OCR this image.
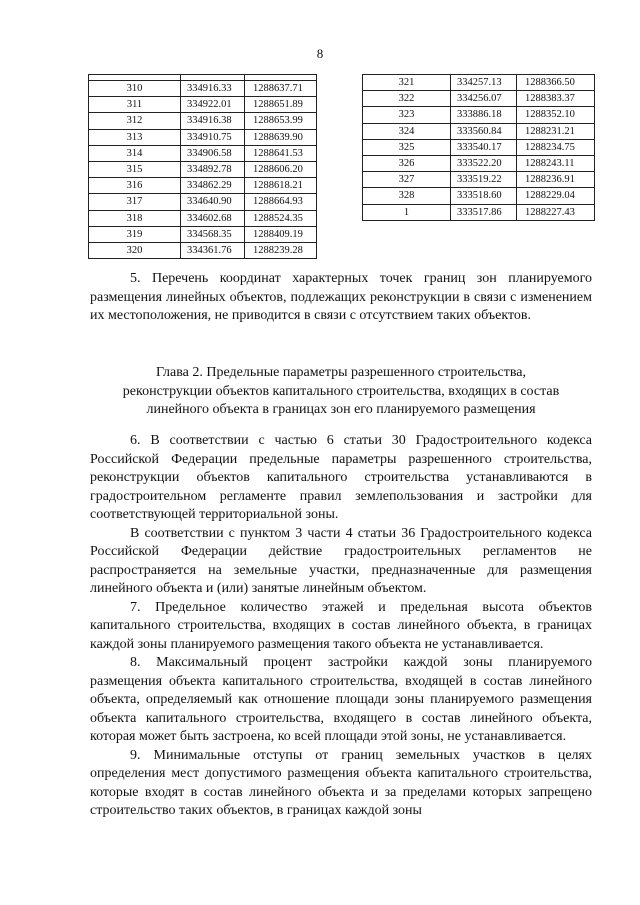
8

310	334916.33	1288637.71
311	334922.01	1288651.89
312	334916.38	1288653.99
313	334910.75	1288639.90
314	334906.58	1288641.53
315	334892.78	1288606.20
316	334862.29	1288618.21
317	334640.90	1288664.93
318	334602.68	1288524.35
319	334568.35	1288409.19
320	334361.76	1288239.28
321	334257.13	1288366.50
322	334256.07	1288383.37
323	333886.18	1288352.10
324	333560.84	1288231.21
325	333540.17	1288234.75
326	333522.20	1288243.11
327	333519.22	1288236.91
328	333518.60	1288229.04
1	333517.86	1288227.43

5. Перечень координат характерных точек границ зон планируемого размещения линейных объектов, подлежащих реконструкции в связи с изменением их местоположения, не приводится в связи с отсутствием таких объектов.

Глава 2. Предельные параметры разрешенного строительства,

реконструкции объектов капитального строительства, входящих в состав

линейного объекта в границах зон его планируемого размещения

6. В соответствии с частью 6 статьи 30 Градостроительного кодекса Российской Федерации предельные параметры разрешенного строительства, реконструкции объектов капитального строительства устанавливаются в градостроительном регламенте правил землепользования и застройки для соответствующей территориальной зоны.

В соответствии с пунктом 3 части 4 статьи 36 Градостроительного кодекса Российской Федерации действие градостроительных регламентов не распространяется на земельные участки, предназначенные для размещения линейного объекта и (или) занятые линейным объектом.

7. Предельное количество этажей и предельная высота объектов капитального строительства, входящих в состав линейного объекта, в границах каждой зоны планируемого размещения такого объекта не устанавливается.

8. Максимальный процент застройки каждой зоны планируемого размещения объекта капитального строительства, входящей в состав линейного объекта, определяемый как отношение площади зоны планируемого размещения объекта капитального строительства, входящего в состав линейного объекта, которая может быть застроена, ко всей площади этой зоны, не устанавливается.

9. Минимальные отступы от границ земельных участков в целях определения мест допустимого размещения объекта капитального строительства, которые входят в состав линейного объекта и за пределами которых запрещено строительство таких объектов, в границах каждой зоны
